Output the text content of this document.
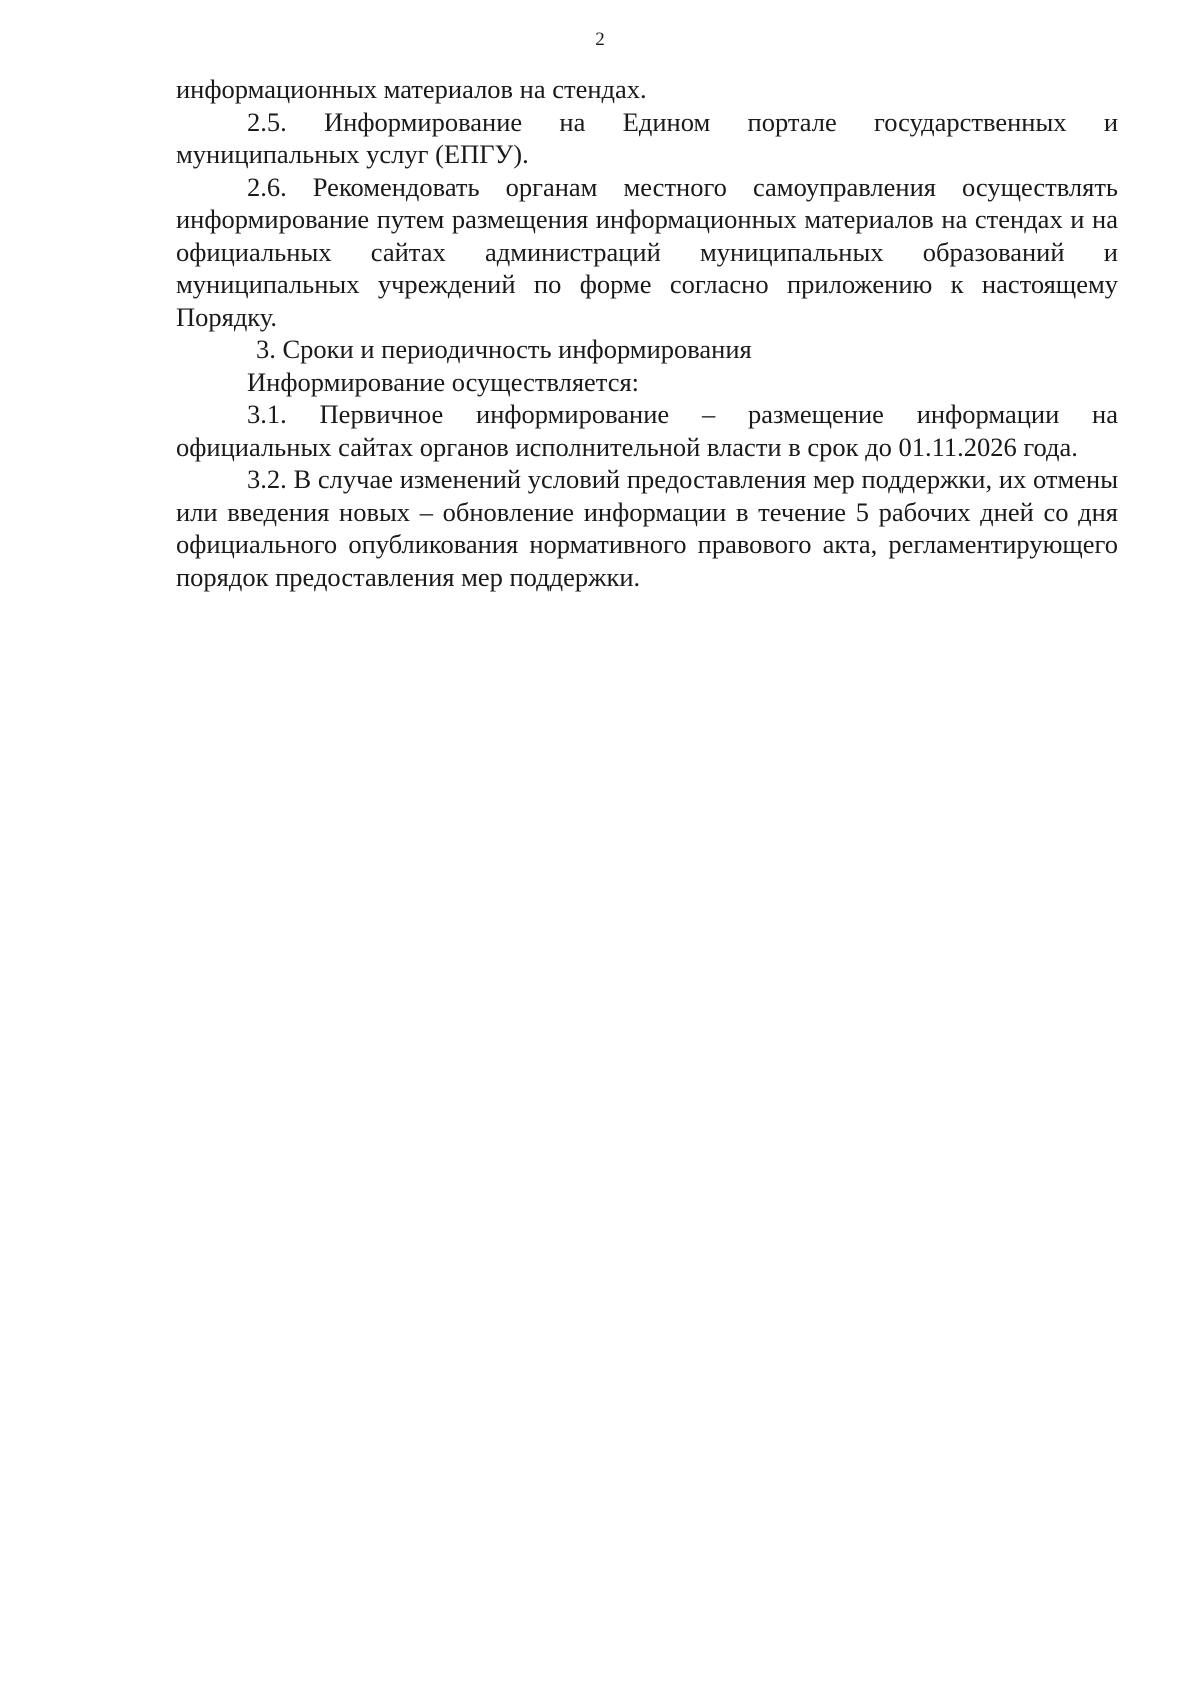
2

информационных материалов на стендах.

2.5. Информирование на Едином портале государственных и муниципальных услуг (ЕПГУ).

2.6. Рекомендовать органам местного самоуправления осуществлять информирование путем размещения информационных материалов на стендах и на официальных сайтах администраций муниципальных образований и муниципальных учреждений по форме согласно приложению к настоящему Порядку.

3. Сроки и периодичность информирования

Информирование осуществляется:

3.1. Первичное информирование – размещение информации на официальных сайтах органов исполнительной власти в срок до 01.11.2026 года.

3.2. В случае изменений условий предоставления мер поддержки, их отмены или введения новых – обновление информации в течение 5 рабочих дней со дня официального опубликования нормативного правового акта, регламентирующего порядок предоставления мер поддержки.
